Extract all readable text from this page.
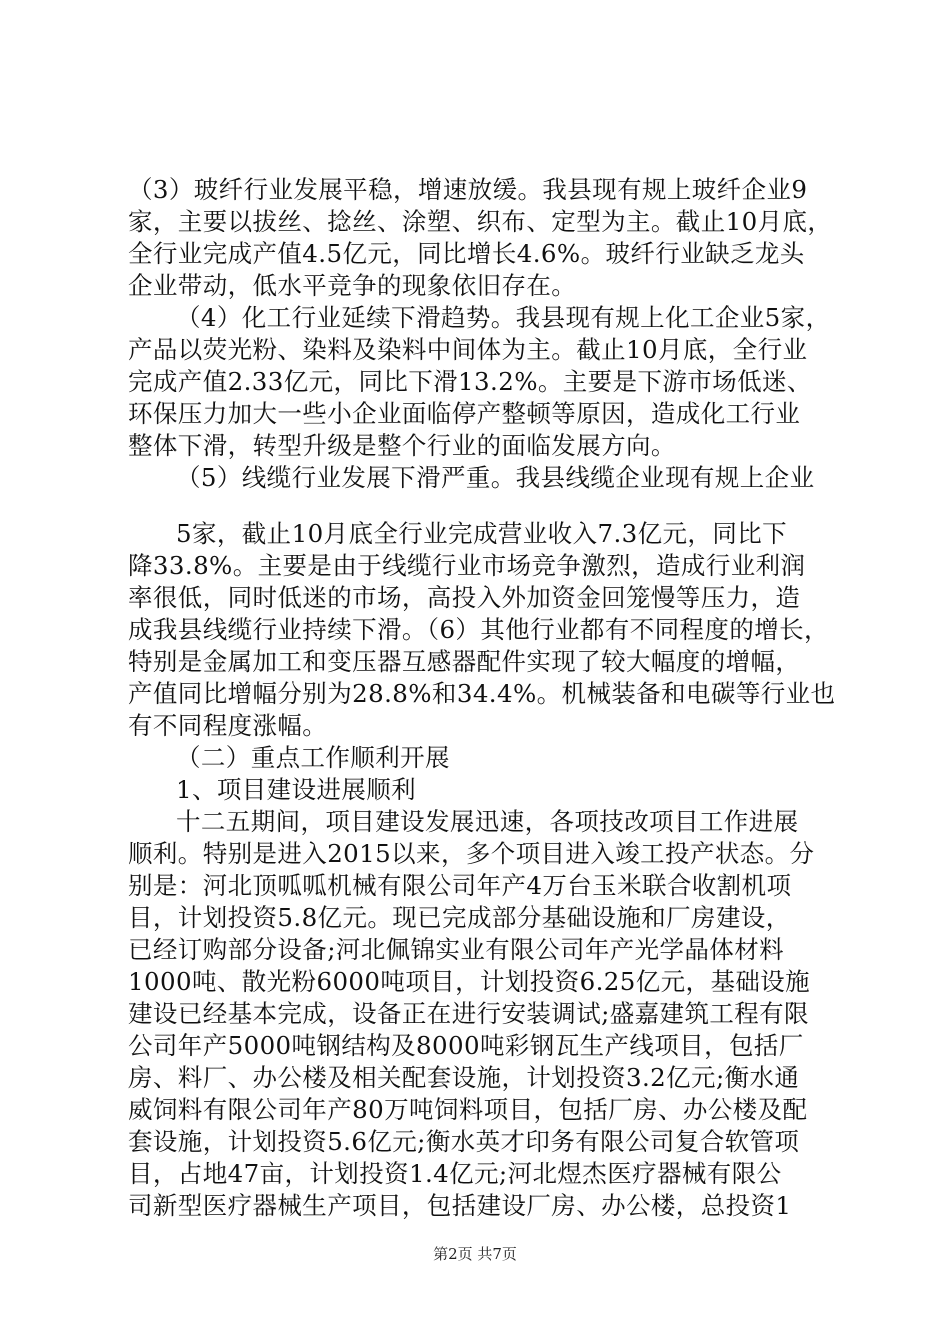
（3）玻纤行业发展平稳，增速放缓。我县现有规上玻纤企业9
家，主要以拔丝、捻丝、涂塑、织布、定型为主。截止10月底，
全行业完成产值4.5亿元，同比增长4.6%。玻纤行业缺乏龙头
企业带动，低水平竞争的现象依旧存在。
（4）化工行业延续下滑趋势。我县现有规上化工企业5家，
产品以荧光粉、染料及染料中间体为主。截止10月底，全行业
完成产值2.33亿元，同比下滑13.2%。主要是下游市场低迷、
环保压力加大一些小企业面临停产整顿等原因，造成化工行业
整体下滑，转型升级是整个行业的面临发展方向。
（5）线缆行业发展下滑严重。我县线缆企业现有规上企业
5家，截止10月底全行业完成营业收入7.3亿元，同比下
降33.8%。主要是由于线缆行业市场竞争激烈，造成行业利润
率很低，同时低迷的市场，高投入外加资金回笼慢等压力，造
成我县线缆行业持续下滑。（6）其他行业都有不同程度的增长，
特别是金属加工和变压器互感器配件实现了较大幅度的增幅，
产值同比增幅分别为28.8%和34.4%。机械装备和电碳等行业也
有不同程度涨幅。
（二）重点工作顺利开展
1、项目建设进展顺利
十二五期间，项目建设发展迅速，各项技改项目工作进展
顺利。特别是进入2015以来，多个项目进入竣工投产状态。分
别是：河北顶呱呱机械有限公司年产4万台玉米联合收割机项
目，计划投资5.8亿元。现已完成部分基础设施和厂房建设，
已经订购部分设备;河北佩锦实业有限公司年产光学晶体材料
1000吨、散光粉6000吨项目，计划投资6.25亿元，基础设施
建设已经基本完成，设备正在进行安装调试;盛嘉建筑工程有限
公司年产5000吨钢结构及8000吨彩钢瓦生产线项目，包括厂
房、料厂、办公楼及相关配套设施，计划投资3.2亿元;衡水通
威饲料有限公司年产80万吨饲料项目，包括厂房、办公楼及配
套设施，计划投资5.6亿元;衡水英才印务有限公司复合软管项
目，占地47亩，计划投资1.4亿元;河北煜杰医疗器械有限公
司新型医疗器械生产项目，包括建设厂房、办公楼，总投资1
第2页 共7页
